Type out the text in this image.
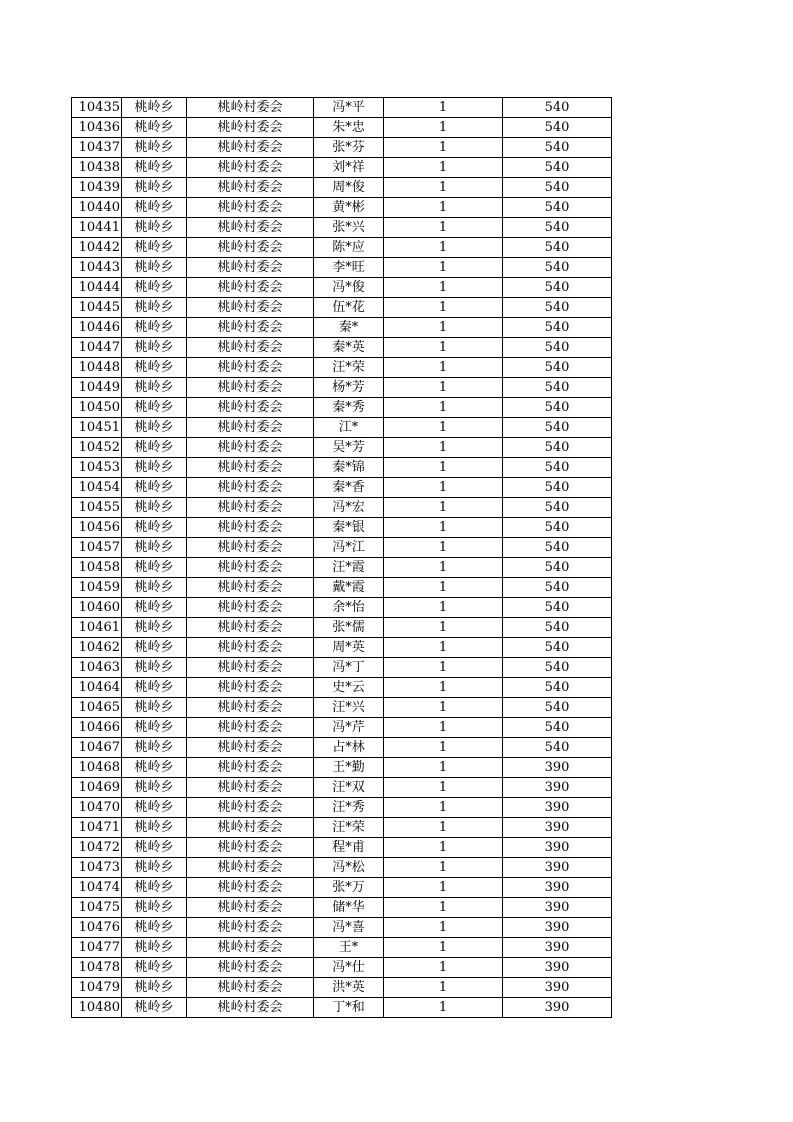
10435	桃岭乡	桃岭村委会	冯*平	1	540
10436	桃岭乡	桃岭村委会	朱*忠	1	540
10437	桃岭乡	桃岭村委会	张*芬	1	540
10438	桃岭乡	桃岭村委会	刘*祥	1	540
10439	桃岭乡	桃岭村委会	周*俊	1	540
10440	桃岭乡	桃岭村委会	黄*彬	1	540
10441	桃岭乡	桃岭村委会	张*兴	1	540
10442	桃岭乡	桃岭村委会	陈*应	1	540
10443	桃岭乡	桃岭村委会	李*旺	1	540
10444	桃岭乡	桃岭村委会	冯*俊	1	540
10445	桃岭乡	桃岭村委会	伍*花	1	540
10446	桃岭乡	桃岭村委会	秦*	1	540
10447	桃岭乡	桃岭村委会	秦*英	1	540
10448	桃岭乡	桃岭村委会	汪*荣	1	540
10449	桃岭乡	桃岭村委会	杨*芳	1	540
10450	桃岭乡	桃岭村委会	秦*秀	1	540
10451	桃岭乡	桃岭村委会	江*	1	540
10452	桃岭乡	桃岭村委会	吴*芳	1	540
10453	桃岭乡	桃岭村委会	秦*锦	1	540
10454	桃岭乡	桃岭村委会	秦*香	1	540
10455	桃岭乡	桃岭村委会	冯*宏	1	540
10456	桃岭乡	桃岭村委会	秦*银	1	540
10457	桃岭乡	桃岭村委会	冯*江	1	540
10458	桃岭乡	桃岭村委会	汪*霞	1	540
10459	桃岭乡	桃岭村委会	戴*霞	1	540
10460	桃岭乡	桃岭村委会	余*怡	1	540
10461	桃岭乡	桃岭村委会	张*儒	1	540
10462	桃岭乡	桃岭村委会	周*英	1	540
10463	桃岭乡	桃岭村委会	冯*丁	1	540
10464	桃岭乡	桃岭村委会	史*云	1	540
10465	桃岭乡	桃岭村委会	汪*兴	1	540
10466	桃岭乡	桃岭村委会	冯*芹	1	540
10467	桃岭乡	桃岭村委会	占*林	1	540
10468	桃岭乡	桃岭村委会	王*勤	1	390
10469	桃岭乡	桃岭村委会	汪*双	1	390
10470	桃岭乡	桃岭村委会	汪*秀	1	390
10471	桃岭乡	桃岭村委会	汪*荣	1	390
10472	桃岭乡	桃岭村委会	程*甫	1	390
10473	桃岭乡	桃岭村委会	冯*松	1	390
10474	桃岭乡	桃岭村委会	张*万	1	390
10475	桃岭乡	桃岭村委会	储*华	1	390
10476	桃岭乡	桃岭村委会	冯*喜	1	390
10477	桃岭乡	桃岭村委会	王*	1	390
10478	桃岭乡	桃岭村委会	冯*仕	1	390
10479	桃岭乡	桃岭村委会	洪*英	1	390
10480	桃岭乡	桃岭村委会	丁*和	1	390
